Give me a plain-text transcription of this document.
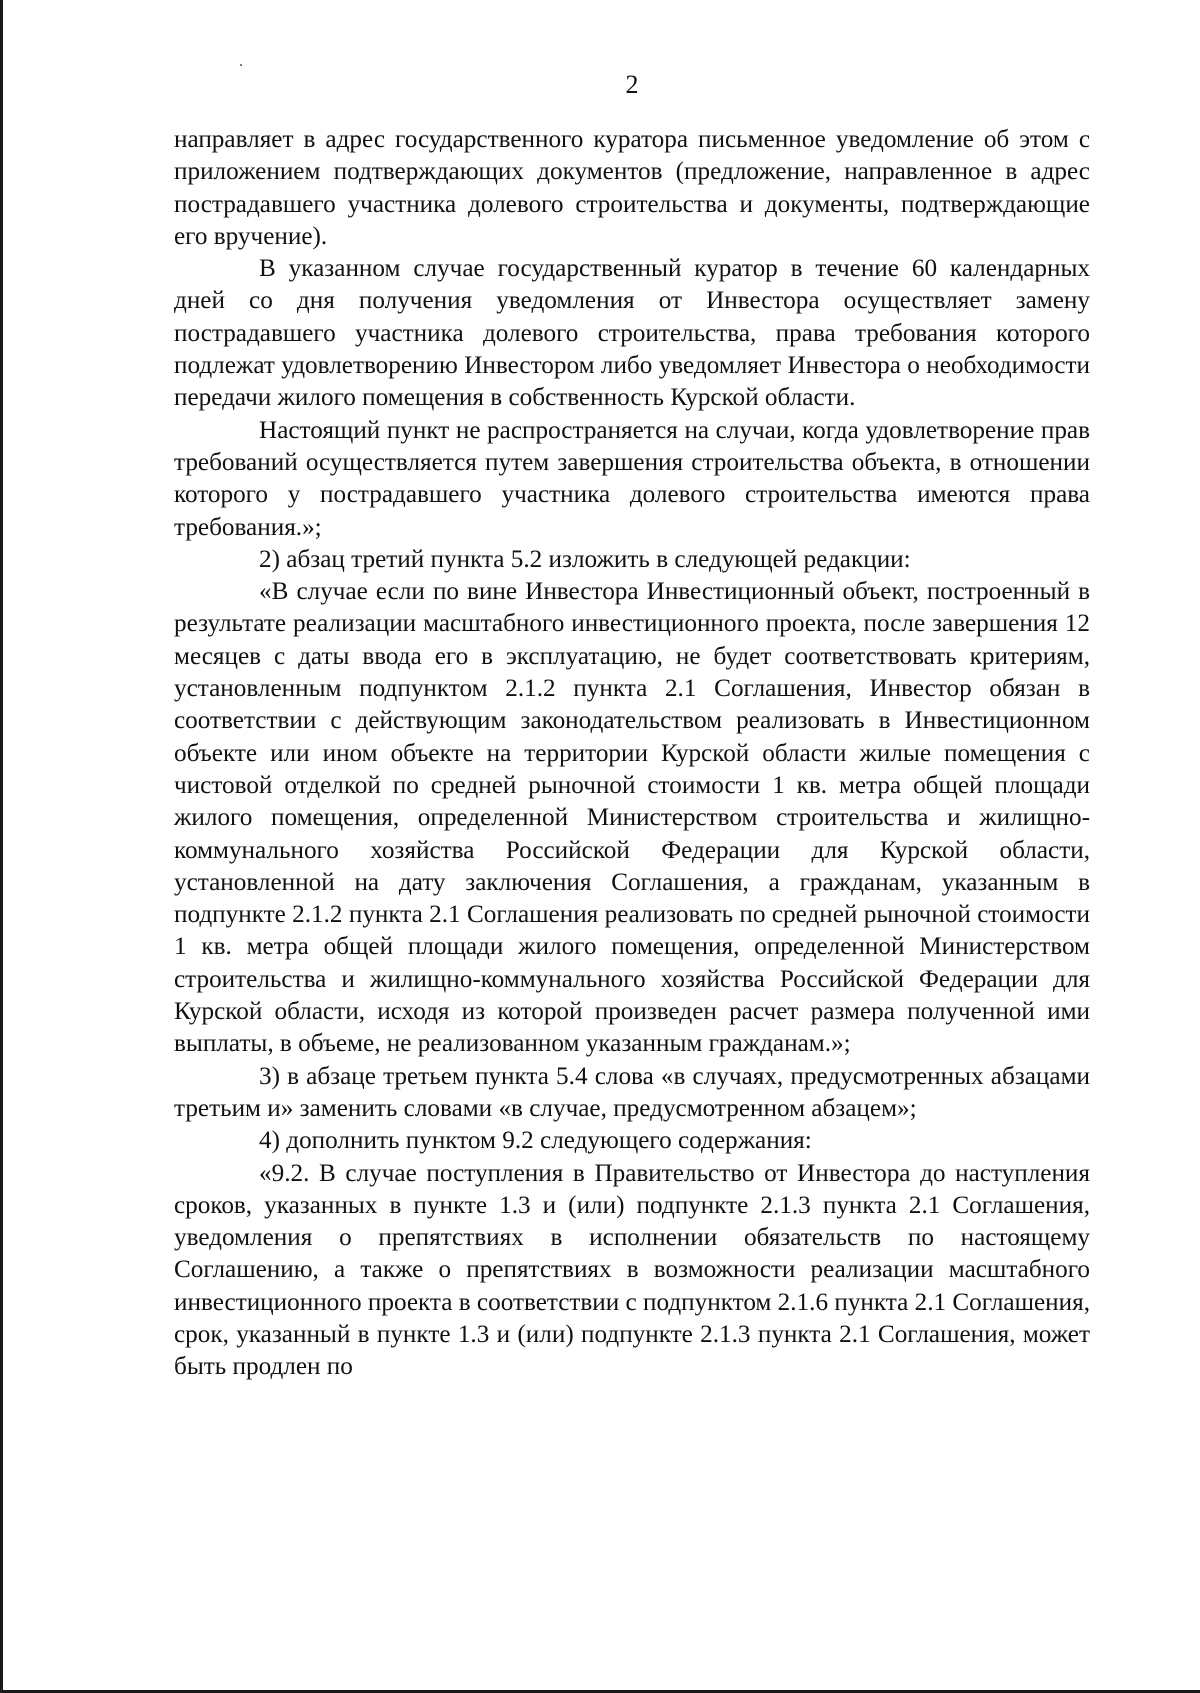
2

направляет в адрес государственного куратора письменное уведомление об этом с приложением подтверждающих документов (предложение, направленное в адрес пострадавшего участника долевого строительства и документы, подтверждающие его вручение).

В указанном случае государственный куратор в течение 60 календарных дней со дня получения уведомления от Инвестора осуществляет замену пострадавшего участника долевого строительства, права требования которого подлежат удовлетворению Инвестором либо уведомляет Инвестора о необходимости передачи жилого помещения в собственность Курской области.

Настоящий пункт не распространяется на случаи, когда удовлетворение прав требований осуществляется путем завершения строительства объекта, в отношении которого у пострадавшего участника долевого строительства имеются права требования.»;

2) абзац третий пункта 5.2 изложить в следующей редакции:

«В случае если по вине Инвестора Инвестиционный объект, построенный в результате реализации масштабного инвестиционного проекта, после завершения 12 месяцев с даты ввода его в эксплуатацию, не будет соответствовать критериям, установленным подпунктом 2.1.2 пункта 2.1 Соглашения, Инвестор обязан в соответствии с действующим законодательством реализовать в Инвестиционном объекте или ином объекте на территории Курской области жилые помещения с чистовой отделкой по средней рыночной стоимости 1 кв. метра общей площади жилого помещения, определенной Министерством строительства и жилищно-коммунального хозяйства Российской Федерации для Курской области, установленной на дату заключения Соглашения, а гражданам, указанным в подпункте 2.1.2 пункта 2.1 Соглашения реализовать по средней рыночной стоимости 1 кв. метра общей площади жилого помещения, определенной Министерством строительства и жилищно-коммунального хозяйства Российской Федерации для Курской области, исходя из которой произведен расчет размера полученной ими выплаты, в объеме, не реализованном указанным гражданам.»;

3) в абзаце третьем пункта 5.4 слова «в случаях, предусмотренных абзацами третьим и» заменить словами «в случае, предусмотренном абзацем»;

4) дополнить пунктом 9.2 следующего содержания:

«9.2. В случае поступления в Правительство от Инвестора до наступления сроков, указанных в пункте 1.3 и (или) подпункте 2.1.3 пункта 2.1 Соглашения, уведомления о препятствиях в исполнении обязательств по настоящему Соглашению, а также о препятствиях в возможности реализации масштабного инвестиционного проекта в соответствии с подпунктом 2.1.6 пункта 2.1 Соглашения, срок, указанный в пункте 1.3 и (или) подпункте 2.1.3 пункта 2.1 Соглашения, может быть продлен по
